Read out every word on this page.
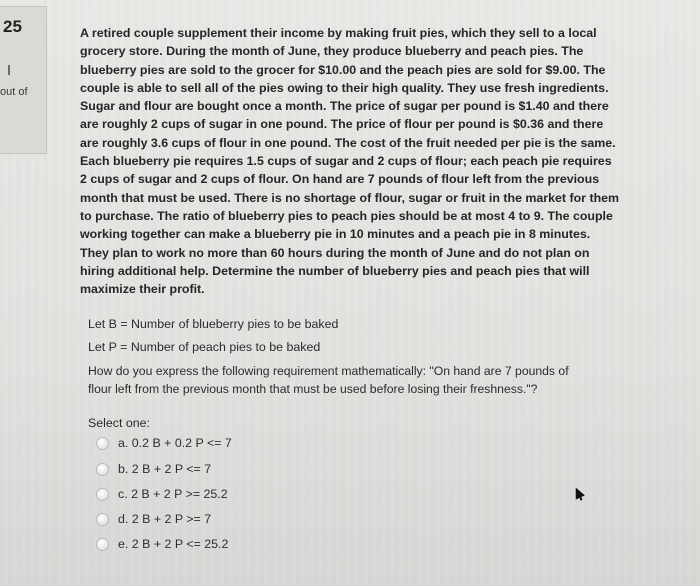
25
out of
A retired couple supplement their income by making fruit pies, which they sell to a local grocery store. During the month of June, they produce blueberry and peach pies. The blueberry pies are sold to the grocer for $10.00 and the peach pies are sold for $9.00. The couple is able to sell all of the pies owing to their high quality. They use fresh ingredients. Sugar and flour are bought once a month. The price of sugar per pound is $1.40 and there are roughly 2 cups of sugar in one pound. The price of flour per pound is $0.36 and there are roughly 3.6 cups of flour in one pound. The cost of the fruit needed per pie is the same. Each blueberry pie requires 1.5 cups of sugar and 2 cups of flour; each peach pie requires 2 cups of sugar and 2 cups of flour. On hand are 7 pounds of flour left from the previous month that must be used. There is no shortage of flour, sugar or fruit in the market for them to purchase. The ratio of blueberry pies to peach pies should be at most 4 to 9. The couple working together can make a blueberry pie in 10 minutes and a peach pie in 8 minutes. They plan to work no more than 60 hours during the month of June and do not plan on hiring additional help. Determine the number of blueberry pies and peach pies that will maximize their profit.
Let B = Number of blueberry pies to be baked
Let P = Number of peach pies to be baked
How do you express the following requirement mathematically: "On hand are 7 pounds of flour left from the previous month that must be used before losing their freshness."?
Select one:
a. 0.2 B + 0.2 P <= 7
b. 2 B + 2 P <= 7
c. 2 B + 2 P >= 25.2
d. 2 B + 2 P >= 7
e. 2 B + 2 P <= 25.2
